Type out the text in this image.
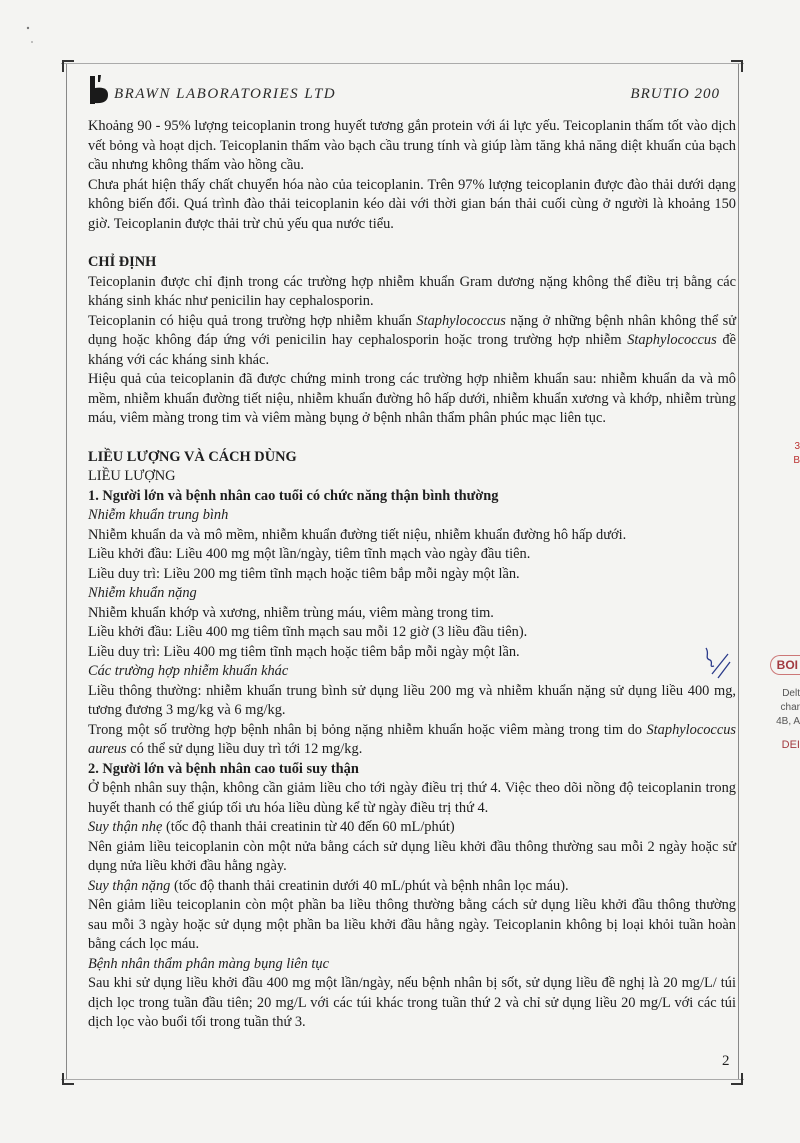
BRAWN LABORATORIES LTD	BRUTIO 200

Khoảng 90 - 95% lượng teicoplanin trong huyết tương gắn protein với ái lực yếu. Teicoplanin thấm tốt vào dịch vết bỏng và hoạt dịch. Teicoplanin thấm vào bạch cầu trung tính và giúp làm tăng khả năng diệt khuẩn của bạch cầu nhưng không thấm vào hồng cầu.

Chưa phát hiện thấy chất chuyển hóa nào của teicoplanin. Trên 97% lượng teicoplanin được đào thải dưới dạng không biến đổi. Quá trình đào thải teicoplanin kéo dài với thời gian bán thải cuối cùng ở người là khoảng 150 giờ. Teicoplanin được thải trừ chủ yếu qua nước tiểu.

CHỈ ĐỊNH

Teicoplanin được chỉ định trong các trường hợp nhiễm khuẩn Gram dương nặng không thể điều trị bằng các kháng sinh khác như penicilin hay cephalosporin.

Teicoplanin có hiệu quả trong trường hợp nhiễm khuẩn Staphylococcus nặng ở những bệnh nhân không thể sử dụng hoặc không đáp ứng với penicilin hay cephalosporin hoặc trong trường hợp nhiễm Staphylococcus đề kháng với các kháng sinh khác.

Hiệu quả của teicoplanin đã được chứng minh trong các trường hợp nhiễm khuẩn sau: nhiễm khuẩn da và mô mềm, nhiễm khuẩn đường tiết niệu, nhiễm khuẩn đường hô hấp dưới, nhiễm khuẩn xương và khớp, nhiễm trùng máu, viêm màng trong tim và viêm màng bụng ở bệnh nhân thẩm phân phúc mạc liên tục.

LIỀU LƯỢNG VÀ CÁCH DÙNG

LIỀU LƯỢNG

1. Người lớn và bệnh nhân cao tuổi có chức năng thận bình thường

Nhiễm khuẩn trung bình

Nhiễm khuẩn da và mô mềm, nhiễm khuẩn đường tiết niệu, nhiễm khuẩn đường hô hấp dưới.

Liều khởi đầu: Liều 400 mg một lần/ngày, tiêm tĩnh mạch vào ngày đầu tiên.

Liều duy trì: Liều 200 mg tiêm tĩnh mạch hoặc tiêm bắp mỗi ngày một lần.

Nhiễm khuẩn nặng

Nhiễm khuẩn khớp và xương, nhiễm trùng máu, viêm màng trong tim.

Liều khởi đầu: Liều 400 mg tiêm tĩnh mạch sau mỗi 12 giờ (3 liều đầu tiên).

Liều duy trì: Liều 400 mg tiêm tĩnh mạch hoặc tiêm bắp mỗi ngày một lần.

Các trường hợp nhiễm khuẩn khác

Liều thông thường: nhiễm khuẩn trung bình sử dụng liều 200 mg và nhiễm khuẩn nặng sử dụng liều 400 mg, tương đương 3 mg/kg và 6 mg/kg.

Trong một số trường hợp bệnh nhân bị bỏng nặng nhiễm khuẩn hoặc viêm màng trong tim do Staphylococcus aureus có thể sử dụng liều duy trì tới 12 mg/kg.

2. Người lớn và bệnh nhân cao tuổi suy thận

Ở bệnh nhân suy thận, không cần giảm liều cho tới ngày điều trị thứ 4. Việc theo dõi nồng độ teicoplanin trong huyết thanh có thể giúp tối ưu hóa liều dùng kể từ ngày điều trị thứ 4.

Suy thận nhẹ (tốc độ thanh thải creatinin từ 40 đến 60 mL/phút)

Nên giảm liều teicoplanin còn một nửa bằng cách sử dụng liều khởi đầu thông thường sau mỗi 2 ngày hoặc sử dụng nửa liều khởi đầu hằng ngày.

Suy thận nặng (tốc độ thanh thải creatinin dưới 40 mL/phút và bệnh nhân lọc máu).

Nên giảm liều teicoplanin còn một phần ba liều thông thường bằng cách sử dụng liều khởi đầu thông thường sau mỗi 3 ngày hoặc sử dụng một phần ba liều khởi đầu hằng ngày. Teicoplanin không bị loại khỏi tuần hoàn bằng cách lọc máu.

Bệnh nhân thẩm phân màng bụng liên tục

Sau khi sử dụng liều khởi đầu 400 mg một lần/ngày, nếu bệnh nhân bị sốt, sử dụng liều đề nghị là 20 mg/L/ túi dịch lọc trong tuần đầu tiên; 20 mg/L với các túi khác trong tuần thứ 2 và chỉ sử dụng liều 20 mg/L với các túi dịch lọc vào buổi tối trong tuần thứ 3.

2
3
B
BOI
Delt
char
4B, A
DEI
